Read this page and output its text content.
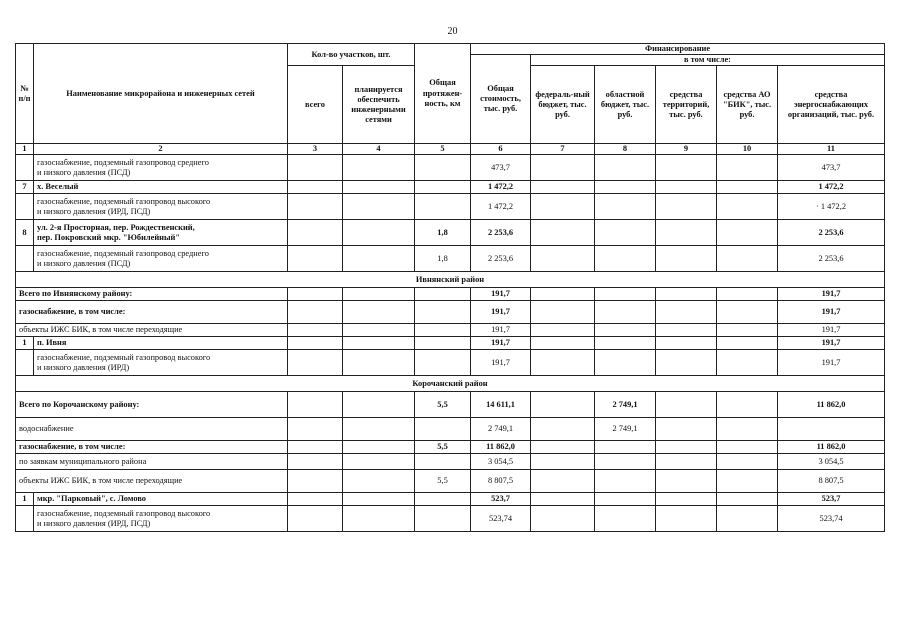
20
№ п/п	Наименование микрорайона и инженерных сетей	Кол-во участков, шт.		Общая протяжен-ность, км	Финансирование					
					Общая стоимость, тыс. руб.	в том числе:				
		всего	планируется обеспечить инженерными сетями			федераль-ный бюджет, тыс. руб.	областной бюджет, тыс. руб.	средства территорий, тыс. руб.	средства АО "БИК", тыс. руб.	средства энергоснабжающих организаций, тыс. руб.
1	2	3	4	5	6	7	8	9	10	11
	газоснабжение, подземный газопровод среднего
и низкого давления (ПСД)				473,7					473,7
7	х. Веселый				1 472,2					1 472,2
	газоснабжение, подземный газопровод высокого
и низкого давления (ИРД, ПСД)				1 472,2					· 1 472,2
8	ул. 2-я Просторная, пер. Рождественский,
пер. Покровский мкр. "Юбилейный"			1,8	2 253,6					2 253,6
	газоснабжение, подземный газопровод среднего
и низкого давления (ПСД)			1,8	2 253,6					2 253,6
Ивнянский район										
Всего по Ивнянскому району:					191,7					191,7
газоснабжение, в том числе:					191,7					191,7
объекты ИЖС БИК, в том числе переходящие					191,7					191,7
1	п. Ивня				191,7					191,7
	газоснабжение, подземный газопровод высокого
и низкого давления (ИРД)				191,7					191,7
Корочанский район										
Всего по Корочанскому району:				5,5	14 611,1		2 749,1			11 862,0
водоснабжение					2 749,1		2 749,1			
газоснабжение, в том числе:				5,5	11 862,0					11 862,0
по заявкам муниципального района					3 054,5					3 054,5
объекты ИЖС БИК, в том числе переходящие				5,5	8 807,5					8 807,5
1	мкр. "Парковый", с. Ломово				523,7					523,7
	газоснабжение, подземный газопровод высокого
и низкого давления (ИРД, ПСД)				523,74					523,74
